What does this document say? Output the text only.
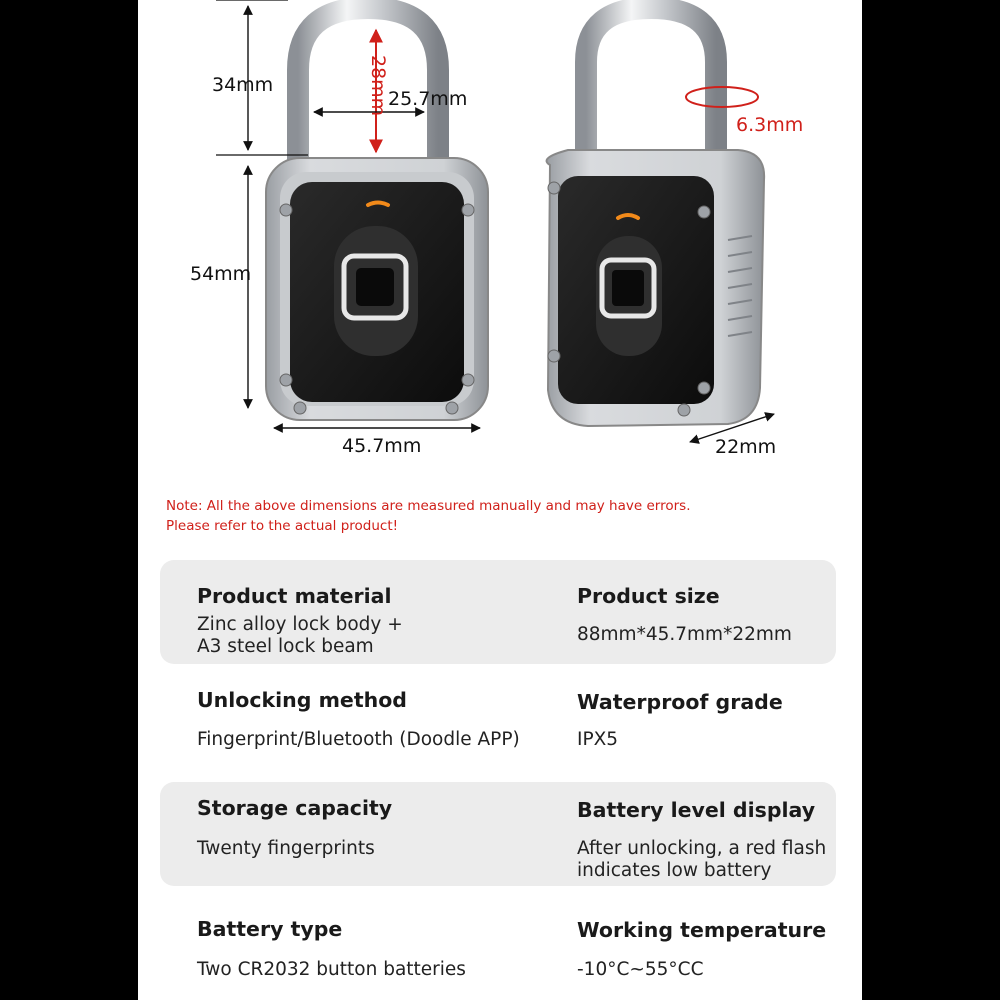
34mm	28mm 25.7mm
6.3mm
54mm
45.7mm	22mm
Note: All the above dimensions are measured manually and may have errors.
Please refer to the actual product!
Product material
Zinc alloy lock body +
A3 steel lock beam
Product size
88mm*45.7mm*22mm
Unlocking method
Fingerprint/Bluetooth (Doodle APP)
Waterproof grade
IPX5
Storage capacity
Twenty fingerprints
Battery level display
After unlocking, a red flash
indicates low battery
Battery type
Two CR2032 button batteries
Working temperature
-10°C~55°CC
